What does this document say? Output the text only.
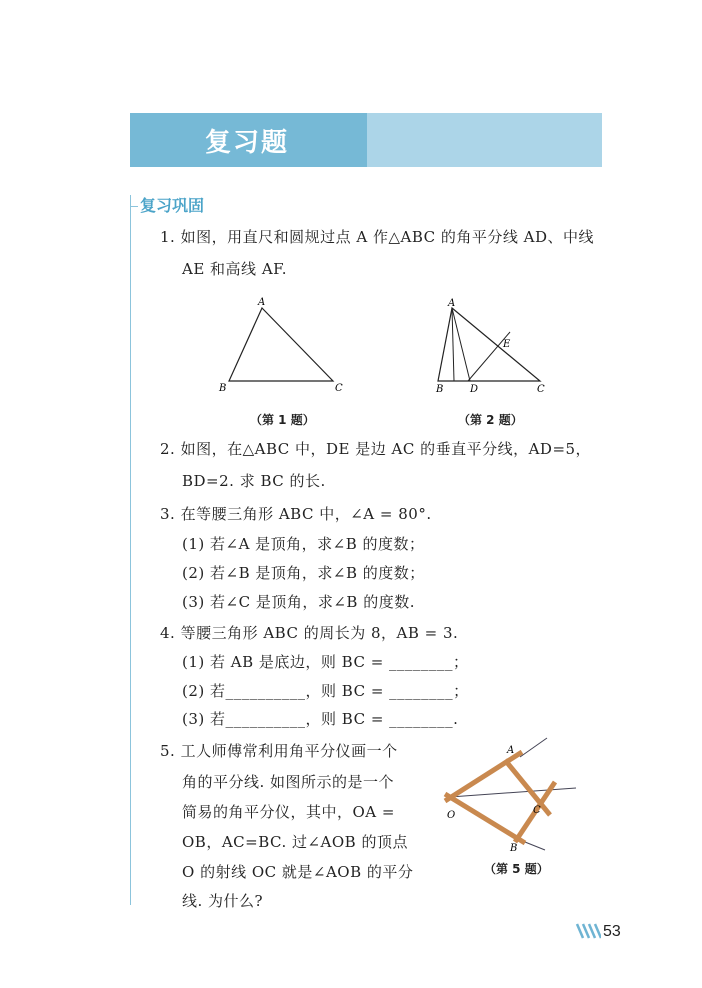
复习题
复习巩固
1. 如图，用直尺和圆规过点 A 作△ABC 的角平分线 AD、中线
AE 和高线 AF.
A
B	C
（第 1 题）
A
E
B	D	C
（第 2 题）
2. 如图，在△ABC 中，DE 是边 AC 的垂直平分线，AD=5，
BD=2. 求 BC 的长.
3. 在等腰三角形 ABC 中，∠A = 80°.
(1) 若∠A 是顶角，求∠B 的度数；
(2) 若∠B 是顶角，求∠B 的度数；
(3) 若∠C 是顶角，求∠B 的度数.
4. 等腰三角形 ABC 的周长为 8，AB = 3.
(1) 若 AB 是底边，则 BC = ________；
(2) 若__________，则 BC = ________；
(3) 若__________，则 BC = ________.
5. 工人师傅常利用角平分仪画一个
角的平分线. 如图所示的是一个
简易的角平分仪，其中，OA =
OB，AC=BC. 过∠AOB 的顶点
O 的射线 OC 就是∠AOB 的平分
线. 为什么?
A
O	C
B
（第 5 题）
53
